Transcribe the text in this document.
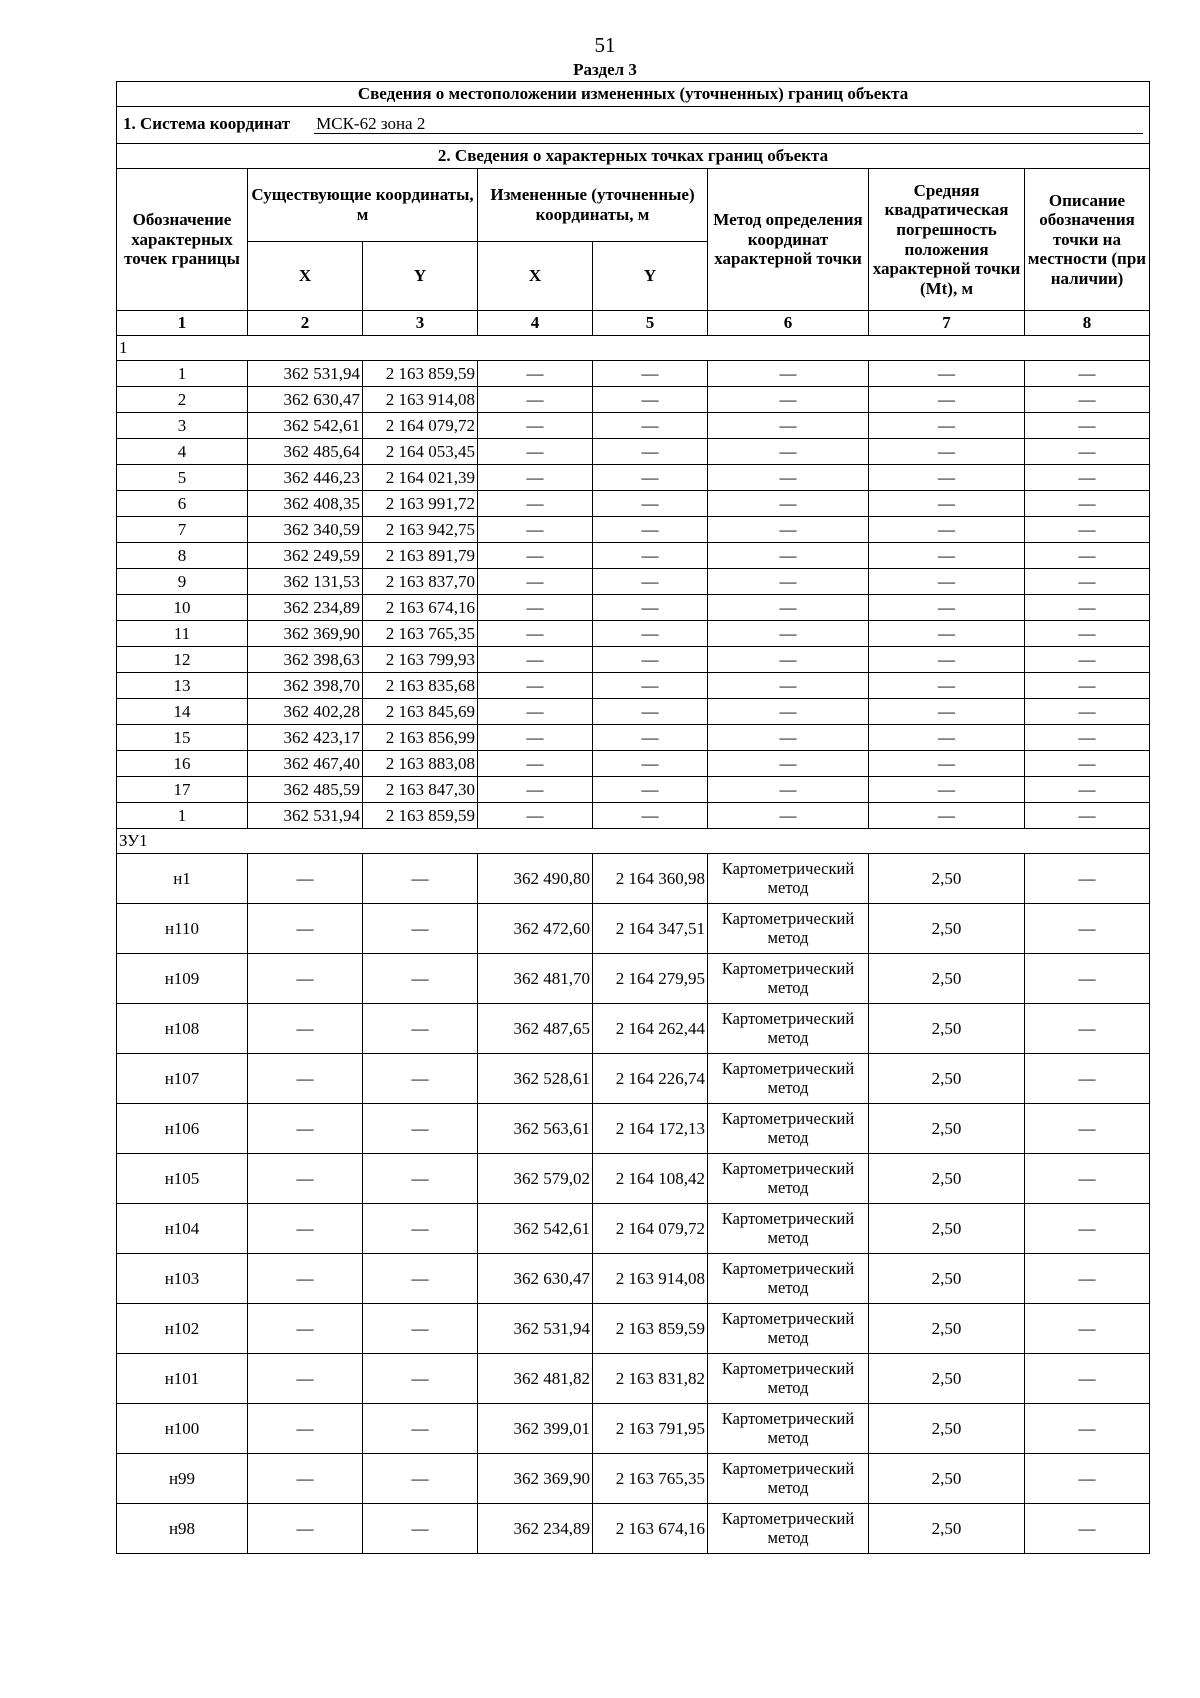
51
Раздел 3
Сведения о местоположении измененных (уточненных) границ объекта							

1. Система координат МСК-62 зона 2							

2. Сведения о характерных точках границ объекта							
Обозначение характерных точек границы	Существующие координаты, м		Измененные (уточненные) координаты, м		Метод определения координат характерной точки	Средняя квадратическая погрешность положения характерной точки (Mt), м	Описание обозначения точки на местности (при наличии)
	X	Y	X	Y			
1	2	3	4	5	6	7	8
1							
1	362 531,94	2 163 859,59	—	—	—	—	—
2	362 630,47	2 163 914,08	—	—	—	—	—
3	362 542,61	2 164 079,72	—	—	—	—	—
4	362 485,64	2 164 053,45	—	—	—	—	—
5	362 446,23	2 164 021,39	—	—	—	—	—
6	362 408,35	2 163 991,72	—	—	—	—	—
7	362 340,59	2 163 942,75	—	—	—	—	—
8	362 249,59	2 163 891,79	—	—	—	—	—
9	362 131,53	2 163 837,70	—	—	—	—	—
10	362 234,89	2 163 674,16	—	—	—	—	—
11	362 369,90	2 163 765,35	—	—	—	—	—
12	362 398,63	2 163 799,93	—	—	—	—	—
13	362 398,70	2 163 835,68	—	—	—	—	—
14	362 402,28	2 163 845,69	—	—	—	—	—
15	362 423,17	2 163 856,99	—	—	—	—	—
16	362 467,40	2 163 883,08	—	—	—	—	—
17	362 485,59	2 163 847,30	—	—	—	—	—
1	362 531,94	2 163 859,59	—	—	—	—	—
ЗУ1							
н1	—	—	362 490,80	2 164 360,98	Картометрический метод	2,50	—
н110	—	—	362 472,60	2 164 347,51	Картометрический метод	2,50	—
н109	—	—	362 481,70	2 164 279,95	Картометрический метод	2,50	—
н108	—	—	362 487,65	2 164 262,44	Картометрический метод	2,50	—
н107	—	—	362 528,61	2 164 226,74	Картометрический метод	2,50	—
н106	—	—	362 563,61	2 164 172,13	Картометрический метод	2,50	—
н105	—	—	362 579,02	2 164 108,42	Картометрический метод	2,50	—
н104	—	—	362 542,61	2 164 079,72	Картометрический метод	2,50	—
н103	—	—	362 630,47	2 163 914,08	Картометрический метод	2,50	—
н102	—	—	362 531,94	2 163 859,59	Картометрический метод	2,50	—
н101	—	—	362 481,82	2 163 831,82	Картометрический метод	2,50	—
н100	—	—	362 399,01	2 163 791,95	Картометрический метод	2,50	—
н99	—	—	362 369,90	2 163 765,35	Картометрический метод	2,50	—
н98	—	—	362 234,89	2 163 674,16	Картометрический метод	2,50	—
